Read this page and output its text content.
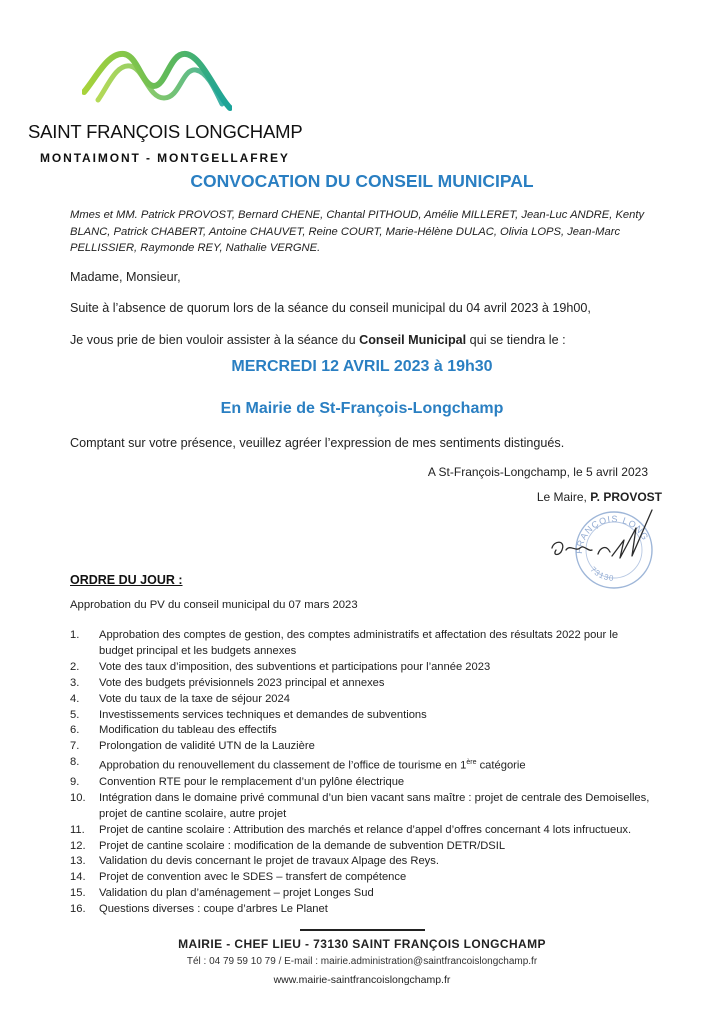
SAINT FRANÇOIS LONGCHAMP
MONTAIMONT - MONTGELLAFREY
CONVOCATION DU CONSEIL MUNICIPAL
Mmes et MM. Patrick PROVOST, Bernard CHENE, Chantal PITHOUD, Amélie MILLERET, Jean-Luc ANDRE, Kenty BLANC, Patrick CHABERT, Antoine CHAUVET, Reine COURT, Marie-Hélène DULAC, Olivia LOPS, Jean-Marc PELLISSIER, Raymonde REY, Nathalie VERGNE.
Madame, Monsieur,
Suite à l’absence de quorum lors de la séance du conseil municipal du 04 avril 2023 à 19h00,
Je vous prie de bien vouloir assister à la séance du Conseil Municipal qui se tiendra le :
MERCREDI 12 AVRIL 2023 à 19h30
En Mairie de St-François-Longchamp
Comptant sur votre présence, veuillez agréer l’expression de mes sentiments distingués.
A St-François-Longchamp, le 5 avril 2023
Le Maire, P. PROVOST
FRANÇOIS LONG
73130
ORDRE DU JOUR :
Approbation du PV du conseil municipal du 07 mars 2023
1.	Approbation des comptes de gestion, des comptes administratifs et affectation des résultats 2022 pour le budget principal et les budgets annexes
2.	Vote des taux d’imposition, des subventions et participations pour l’année 2023
3.	Vote des budgets prévisionnels 2023 principal et annexes
4.	Vote du taux de la taxe de séjour 2024
5.	Investissements services techniques et demandes de subventions
6.	Modification du tableau des effectifs
7.	Prolongation de validité UTN de la Lauzière
8.	Approbation du renouvellement du classement de l’office de tourisme en 1ère catégorie
9.	Convention RTE pour le remplacement d’un pylône électrique
10.	Intégration dans le domaine privé communal d’un bien vacant sans maître : projet de centrale des Demoiselles, projet de cantine scolaire, autre projet
11.	Projet de cantine scolaire : Attribution des marchés et relance d’appel d’offres concernant 4 lots infructueux.
12.	Projet de cantine scolaire : modification de la demande de subvention DETR/DSIL
13.	Validation du devis concernant le projet de travaux Alpage des Reys.
14.	Projet de convention avec le SDES – transfert de compétence
15.	Validation du plan d’aménagement – projet Longes Sud
16.	Questions diverses : coupe d’arbres Le Planet
MAIRIE - CHEF LIEU - 73130 SAINT FRANÇOIS LONGCHAMP
Tél : 04 79 59 10 79 / E-mail : mairie.administration@saintfrancoislongchamp.fr
www.mairie-saintfrancoislongchamp.fr
